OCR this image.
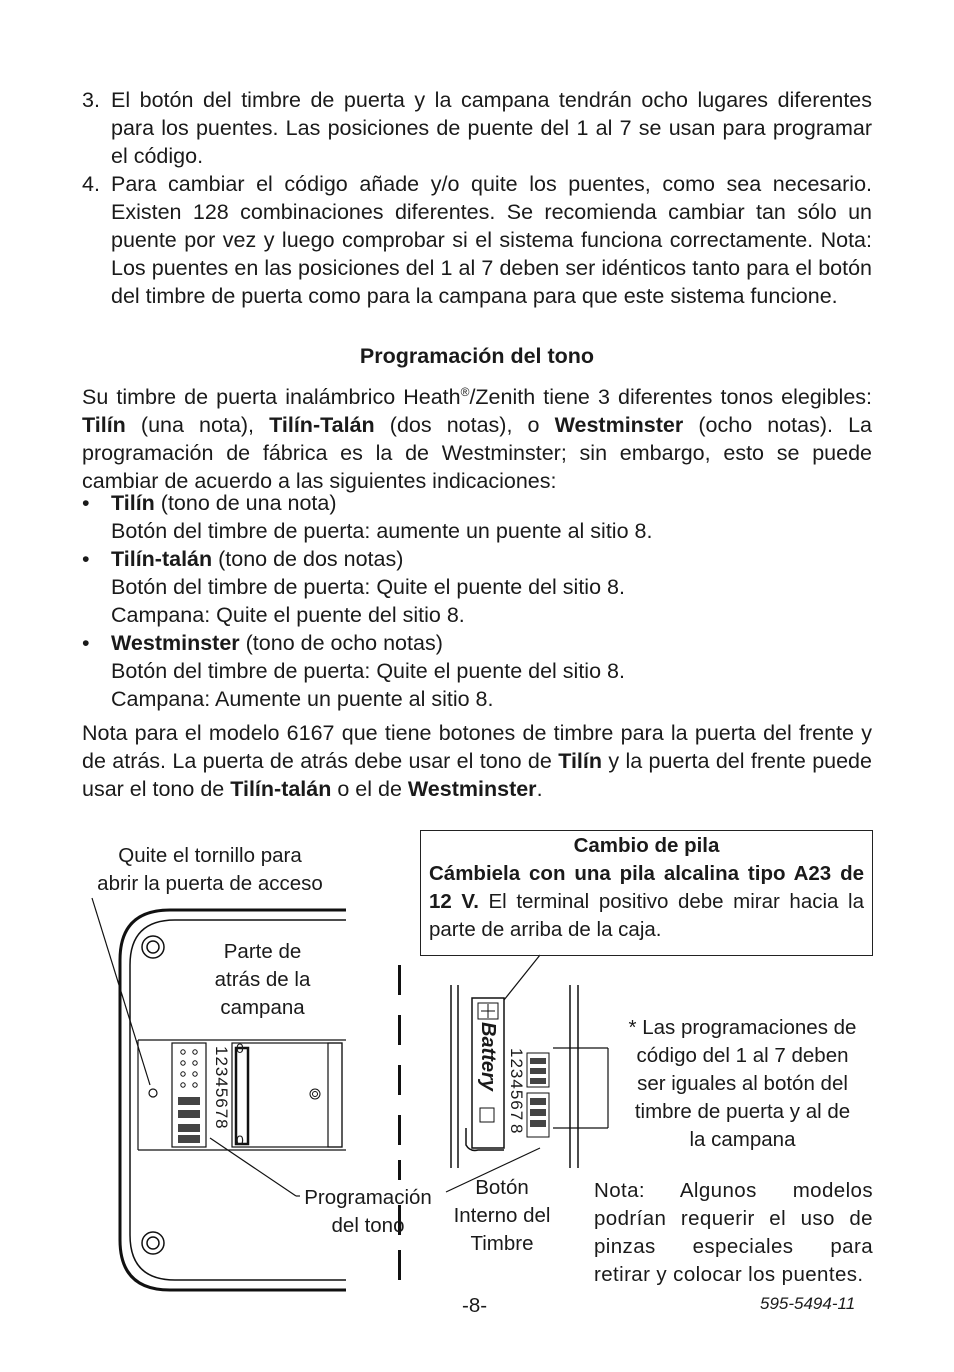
3. El botón del timbre de puerta y la campana tendrán ocho lugares diferentes para los puentes. Las posiciones de puente del 1 al 7 se usan para programar el código.
4. Para cambiar el código añade y/o quite los puentes, como sea necesario. Existen 128 combinaciones diferentes. Se recomienda cambiar tan sólo un puente por vez y luego comprobar si el sistema funciona correctamente. Nota: Los puentes en las posiciones del 1 al 7 deben ser idénticos tanto para el botón del timbre de puerta como para la campana para que este sistema funcione.
Programación del tono
Su timbre de puerta inalámbrico Heath®/Zenith tiene 3 diferentes tonos elegibles: Tilín (una nota), Tilín-Talán (dos notas), o Westminster (ocho notas). La programación de fábrica es la de Westminster; sin embargo, esto se puede cambiar de acuerdo a las siguientes indicaciones:
• Tilín (tono de una nota)
Botón del timbre de puerta: aumente un puente al sitio 8.
• Tilín-talán (tono de dos notas)
Botón del timbre de puerta: Quite el puente del sitio 8.
Campana: Quite el puente del sitio 8.
• Westminster (tono de ocho notas)
Botón del timbre de puerta: Quite el puente del sitio 8.
Campana: Aumente un puente al sitio 8.
Nota para el modelo 6167 que tiene botones de timbre para la puerta del frente y de atrás. La puerta de atrás debe usar el tono de Tilín y la puerta del frente puede usar el tono de Tilín-talán o el de Westminster.
Quite el tornillo para
abrir la puerta de acceso
12345678 0
0
Parte de
atrás de la
campana
Programación
del tono
Cambio de pila
Cámbiela con una pila alcalina tipo A23 de 12 V. El terminal positivo debe mirar hacia la parte de arriba de la caja.
Battery 1234567
8
Botón
Interno del
Timbre
* Las programaciones de
código del 1 al 7 deben
ser iguales al botón del
timbre de puerta y al de
la campana
Nota: Algunos modelos podrían requerir el uso de pinzas especiales para retirar y colocar los puentes.
-8-	595-5494-11
